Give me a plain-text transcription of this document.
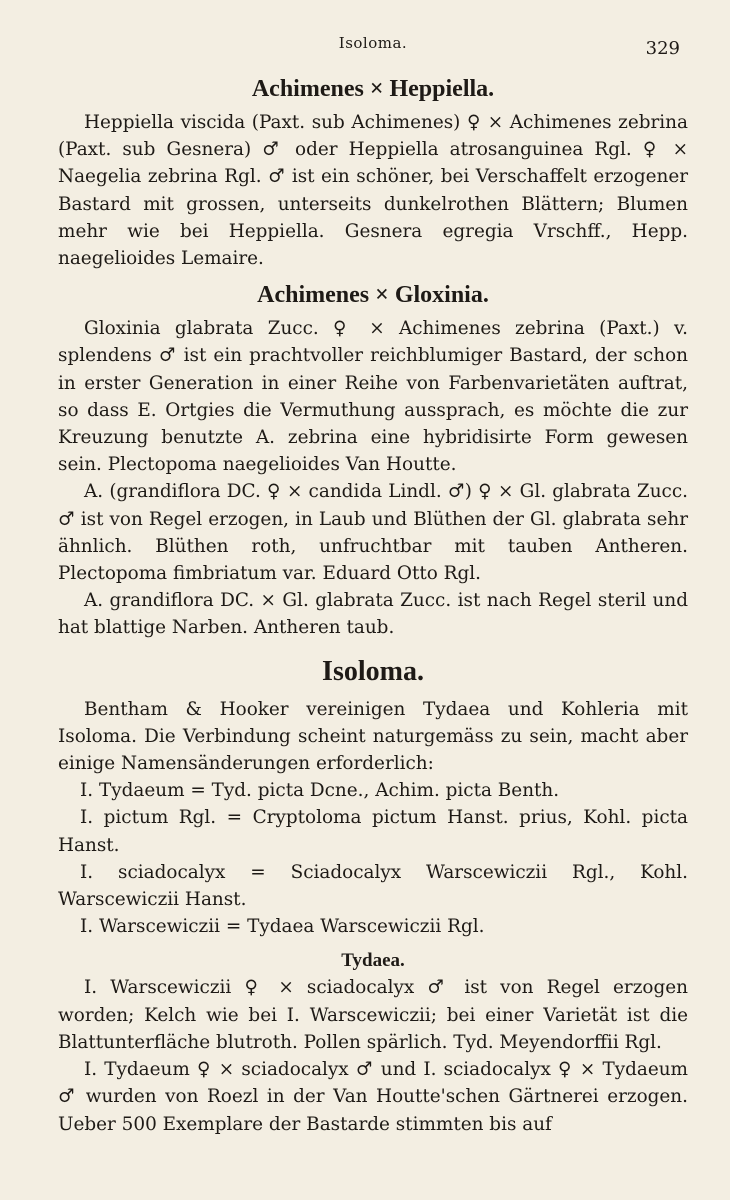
Isoloma.	329
Achimenes × Heppiella.

Heppiella viscida (Paxt. sub Achimenes) ♀ × Achimenes zebrina (Paxt. sub Gesnera) ♂ oder Heppiella atrosanguinea Rgl. ♀ × Naegelia zebrina Rgl. ♂ ist ein schöner, bei Verschaffelt erzogener Bastard mit grossen, unterseits dunkelrothen Blättern; Blumen mehr wie bei Heppiella. Gesnera egregia Vrschff., Hepp. naegelioides Lemaire.

Achimenes × Gloxinia.

Gloxinia glabrata Zucc. ♀ × Achimenes zebrina (Paxt.) v. splendens ♂ ist ein prachtvoller reichblumiger Bastard, der schon in erster Generation in einer Reihe von Farbenvarietäten auftrat, so dass E. Ortgies die Vermuthung aussprach, es möchte die zur Kreuzung benutzte A. zebrina eine hybridisirte Form gewesen sein. Plectopoma naegelioides Van Houtte.

A. (grandiflora DC. ♀ × candida Lindl. ♂) ♀ × Gl. glabrata Zucc. ♂ ist von Regel erzogen, in Laub und Blüthen der Gl. glabrata sehr ähnlich. Blüthen roth, unfruchtbar mit tauben Antheren. Plectopoma fimbriatum var. Eduard Otto Rgl.

A. grandiflora DC. × Gl. glabrata Zucc. ist nach Regel steril und hat blattige Narben. Antheren taub.

Isoloma.

Bentham & Hooker vereinigen Tydaea und Kohleria mit Isoloma. Die Verbindung scheint naturgemäss zu sein, macht aber einige Namensänderungen erforderlich:

I. Tydaeum = Tyd. picta Dcne., Achim. picta Benth.

I. pictum Rgl. = Cryptoloma pictum Hanst. prius, Kohl. picta Hanst.

I. sciadocalyx = Sciadocalyx Warscewiczii Rgl., Kohl. Warscewiczii Hanst.

I. Warscewiczii = Tydaea Warscewiczii Rgl.

Tydaea.

I. Warscewiczii ♀ × sciadocalyx ♂ ist von Regel erzogen worden; Kelch wie bei I. Warscewiczii; bei einer Varietät ist die Blattunterfläche blutroth. Pollen spärlich. Tyd. Meyendorffii Rgl.

I. Tydaeum ♀ × sciadocalyx ♂ und I. sciadocalyx ♀ × Tydaeum ♂ wurden von Roezl in der Van Houtte'schen Gärtnerei erzogen. Ueber 500 Exemplare der Bastarde stimmten bis auf
